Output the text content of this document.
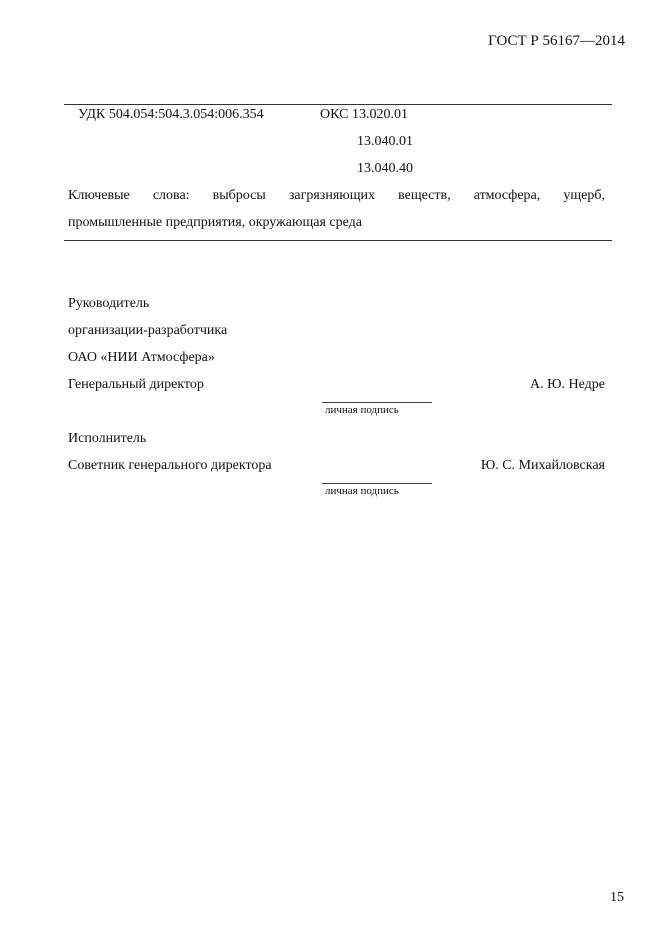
ГОСТ Р 56167—2014
УДК 504.054:504.3.054:006.354	ОКС 13.020.01
13.040.01
13.040.40
Ключевые слова: выбросы загрязняющих веществ, атмосфера, ущерб,
промышленные предприятия, окружающая среда
Руководитель
организации-разработчика
ОАО «НИИ Атмосфера»
Генеральный директор	А. Ю. Недре
личная подпись
Исполнитель
Советник генерального директора	Ю. С. Михайловская
личная подпись
15
